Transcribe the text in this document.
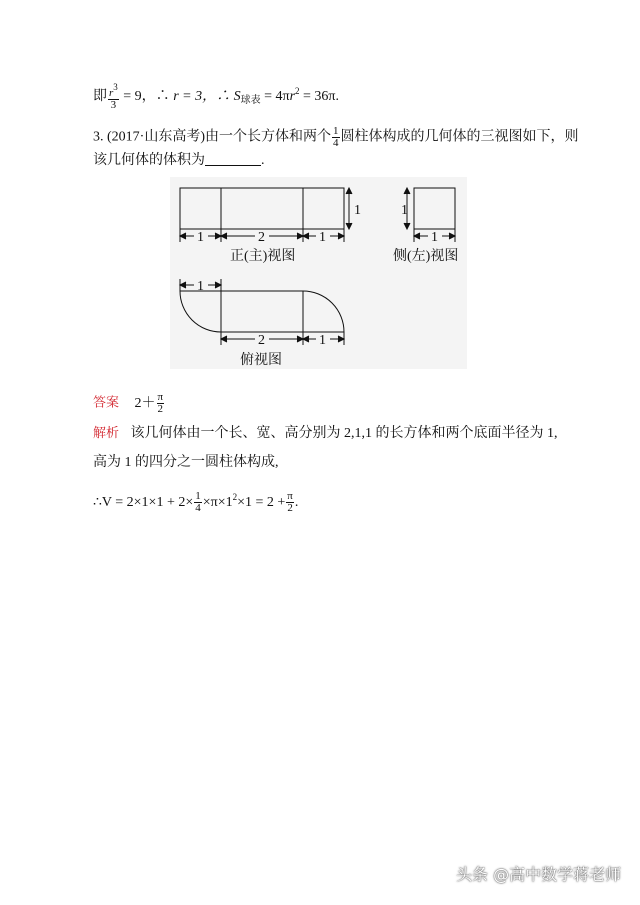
即 $\frac{r^3}{3} = 9$，∴ r = 3，∴ $S_{球表} = 4\pi r^2 = 36\pi$.
3. (2017·山东高考)由一个长方体和两个 $\frac{1}{4}$ 圆柱体构成的几何体的三视图如下，则
该几何体的体积为	.
1
1	2	1
正(主)视图
1
1
侧(左)视图
1
2	1
俯视图
答案 $2+ \frac{\pi}{2}$
解析 该几何体由一个长、宽、高分别为 2,1,1 的长方体和两个底面半径为 1,
高为 1 的四分之一圆柱体构成,
∴V = $2\times 1\times 1 + 2\times \frac{1}{4} \times\pi\times 1^2\times 1 = 2 + \frac{\pi}{2}$ .
头条 @高中数学蒋老师
